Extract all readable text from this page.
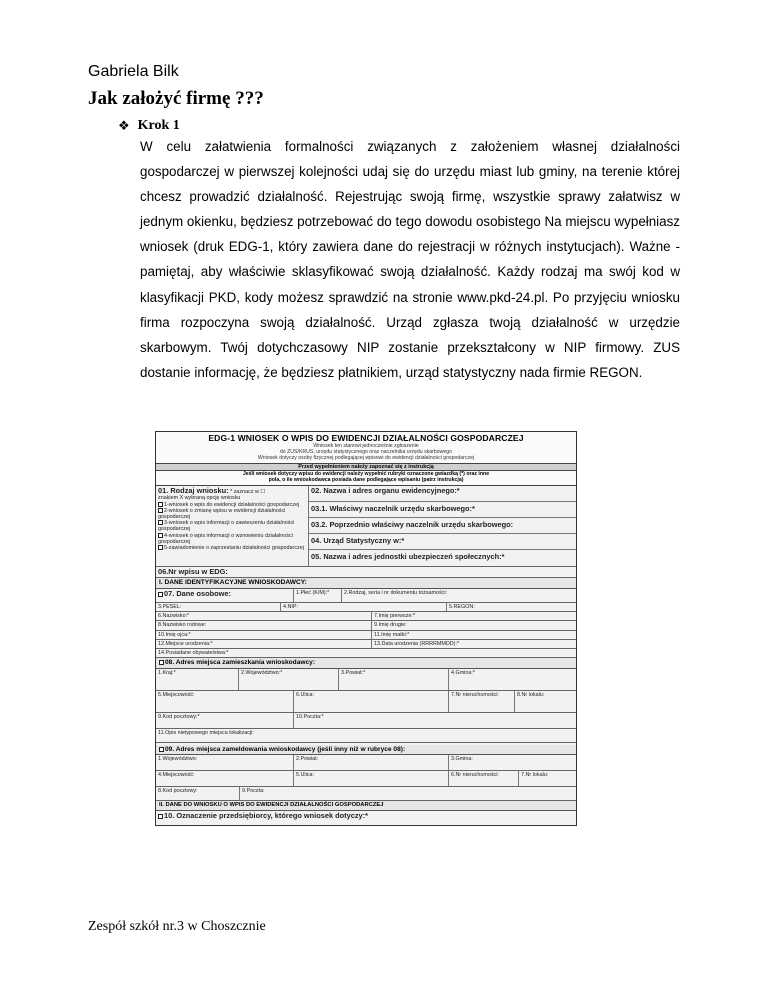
Gabriela Bilk
Jak założyć firmę ???
❖ Krok 1
W celu załatwienia formalności związanych z założeniem własnej działalności gospodarczej w pierwszej kolejności udaj się do urzędu miast lub gminy, na terenie której chcesz prowadzić działalność. Rejestrując swoją firmę, wszystkie sprawy załatwisz w jednym okienku, będziesz potrzebować do tego dowodu osobistego Na miejscu wypełniasz wniosek (druk EDG-1, który zawiera dane do rejestracji w różnych instytucjach). Ważne - pamiętaj, aby właściwie sklasyfikować swoją działalność. Każdy rodzaj ma swój kod w klasyfikacji PKD, kody możesz sprawdzić na stronie www.pkd-24.pl. Po przyjęciu wniosku firma rozpoczyna swoją działalność. Urząd zgłasza twoją działalność w urzędzie skarbowym. Twój dotychczasowy NIP zostanie przekształcony w NIP firmowy. ZUS dostanie informację, że będziesz płatnikiem, urząd statystyczny nada firmie REGON.
EDG-1 WNIOSEK O WPIS DO EWIDENCJI DZIAŁALNOŚCI GOSPODARCZEJ
Wniosek ten stanowi jednocześnie zgłoszenie
do ZUS/KRUS, urzędu statystycznego oraz naczelnika urzędu skarbowego
Wniosek dotyczy osoby fizycznej podlegającej wpisowi do ewidencji działalności gospodarczej
Przed wypełnieniem należy zapoznać się z instrukcją
Jeśli wniosek dotyczy wpisu do ewidencji należy wypełnić rubryki oznaczone gwiazdką (*) oraz inne
pola, o ile wnioskodawca posiada dane podlegające wpisaniu (patrz instrukcja)
01. Rodzaj wniosku: * zaznacz w ☐
znakiem X wybraną opcję wniosku
1-wniosek o wpis do ewidencji działalności gospodarczej
2-wniosek o zmianę wpisu w ewidencji działalności gospodarczej
3-wniosek o wpis informacji o zawieszeniu działalności gospodarczej
4-wniosek o wpis informacji o wznowieniu działalności gospodarczej
5-zawiadomienie o zaprzestaniu działalności gospodarczej
02. Nazwa i adres organu ewidencyjnego:*
03.1. Właściwy naczelnik urzędu skarbowego:*
03.2. Poprzednio właściwy naczelnik urzędu skarbowego:
04. Urząd Statystyczny w:*
05. Nazwa i adres jednostki ubezpieczeń społecznych:*
06.Nr wpisu w EDG:
I. DANE IDENTYFIKACYJNE WNIOSKODAWCY:
07. Dane osobowe:	1.Płeć (K/M):*	2.Rodzaj, seria i nr dokumentu tożsamości:
3.PESEL:	4.NIP:	5.REGON:
6.Nazwisko:*	7.Imię pierwsze:*
8.Nazwisko rodowe:	9.Imię drugie:
10.Imię ojca:*	11.Imię matki:*
12.Miejsce urodzenia:*	13.Data urodzenia (RRRRMMDD):*
14.Posiadane obywatelstwa:*
08. Adres miejsca zamieszkania wnioskodawcy:
1.Kraj:*	2.Województwo:*	3.Powiat:*	4.Gmina:*
5.Miejscowość:	6.Ulica:	7.Nr nieruchomości:	8.Nr lokalu:
9.Kod pocztowy:*	10.Poczta:*
11.Opis nietypowego miejsca lokalizacji:
09. Adres miejsca zameldowania wnioskodawcy (jeśli inny niż w rubryce 08):
1.Województwo:	2.Powiat:	3.Gmina:
4.Miejscowość:	5.Ulica:	6.Nr nieruchomości:	7.Nr lokalu:
8.Kod pocztowy:	9.Poczta:
II. DANE DO WNIOSKU O WPIS DO EWIDENCJI DZIAŁALNOŚCI GOSPODARCZEJ
10. Oznaczenie przedsiębiorcy, którego wniosek dotyczy:*
Zespół szkół nr.3 w Choszcznie
